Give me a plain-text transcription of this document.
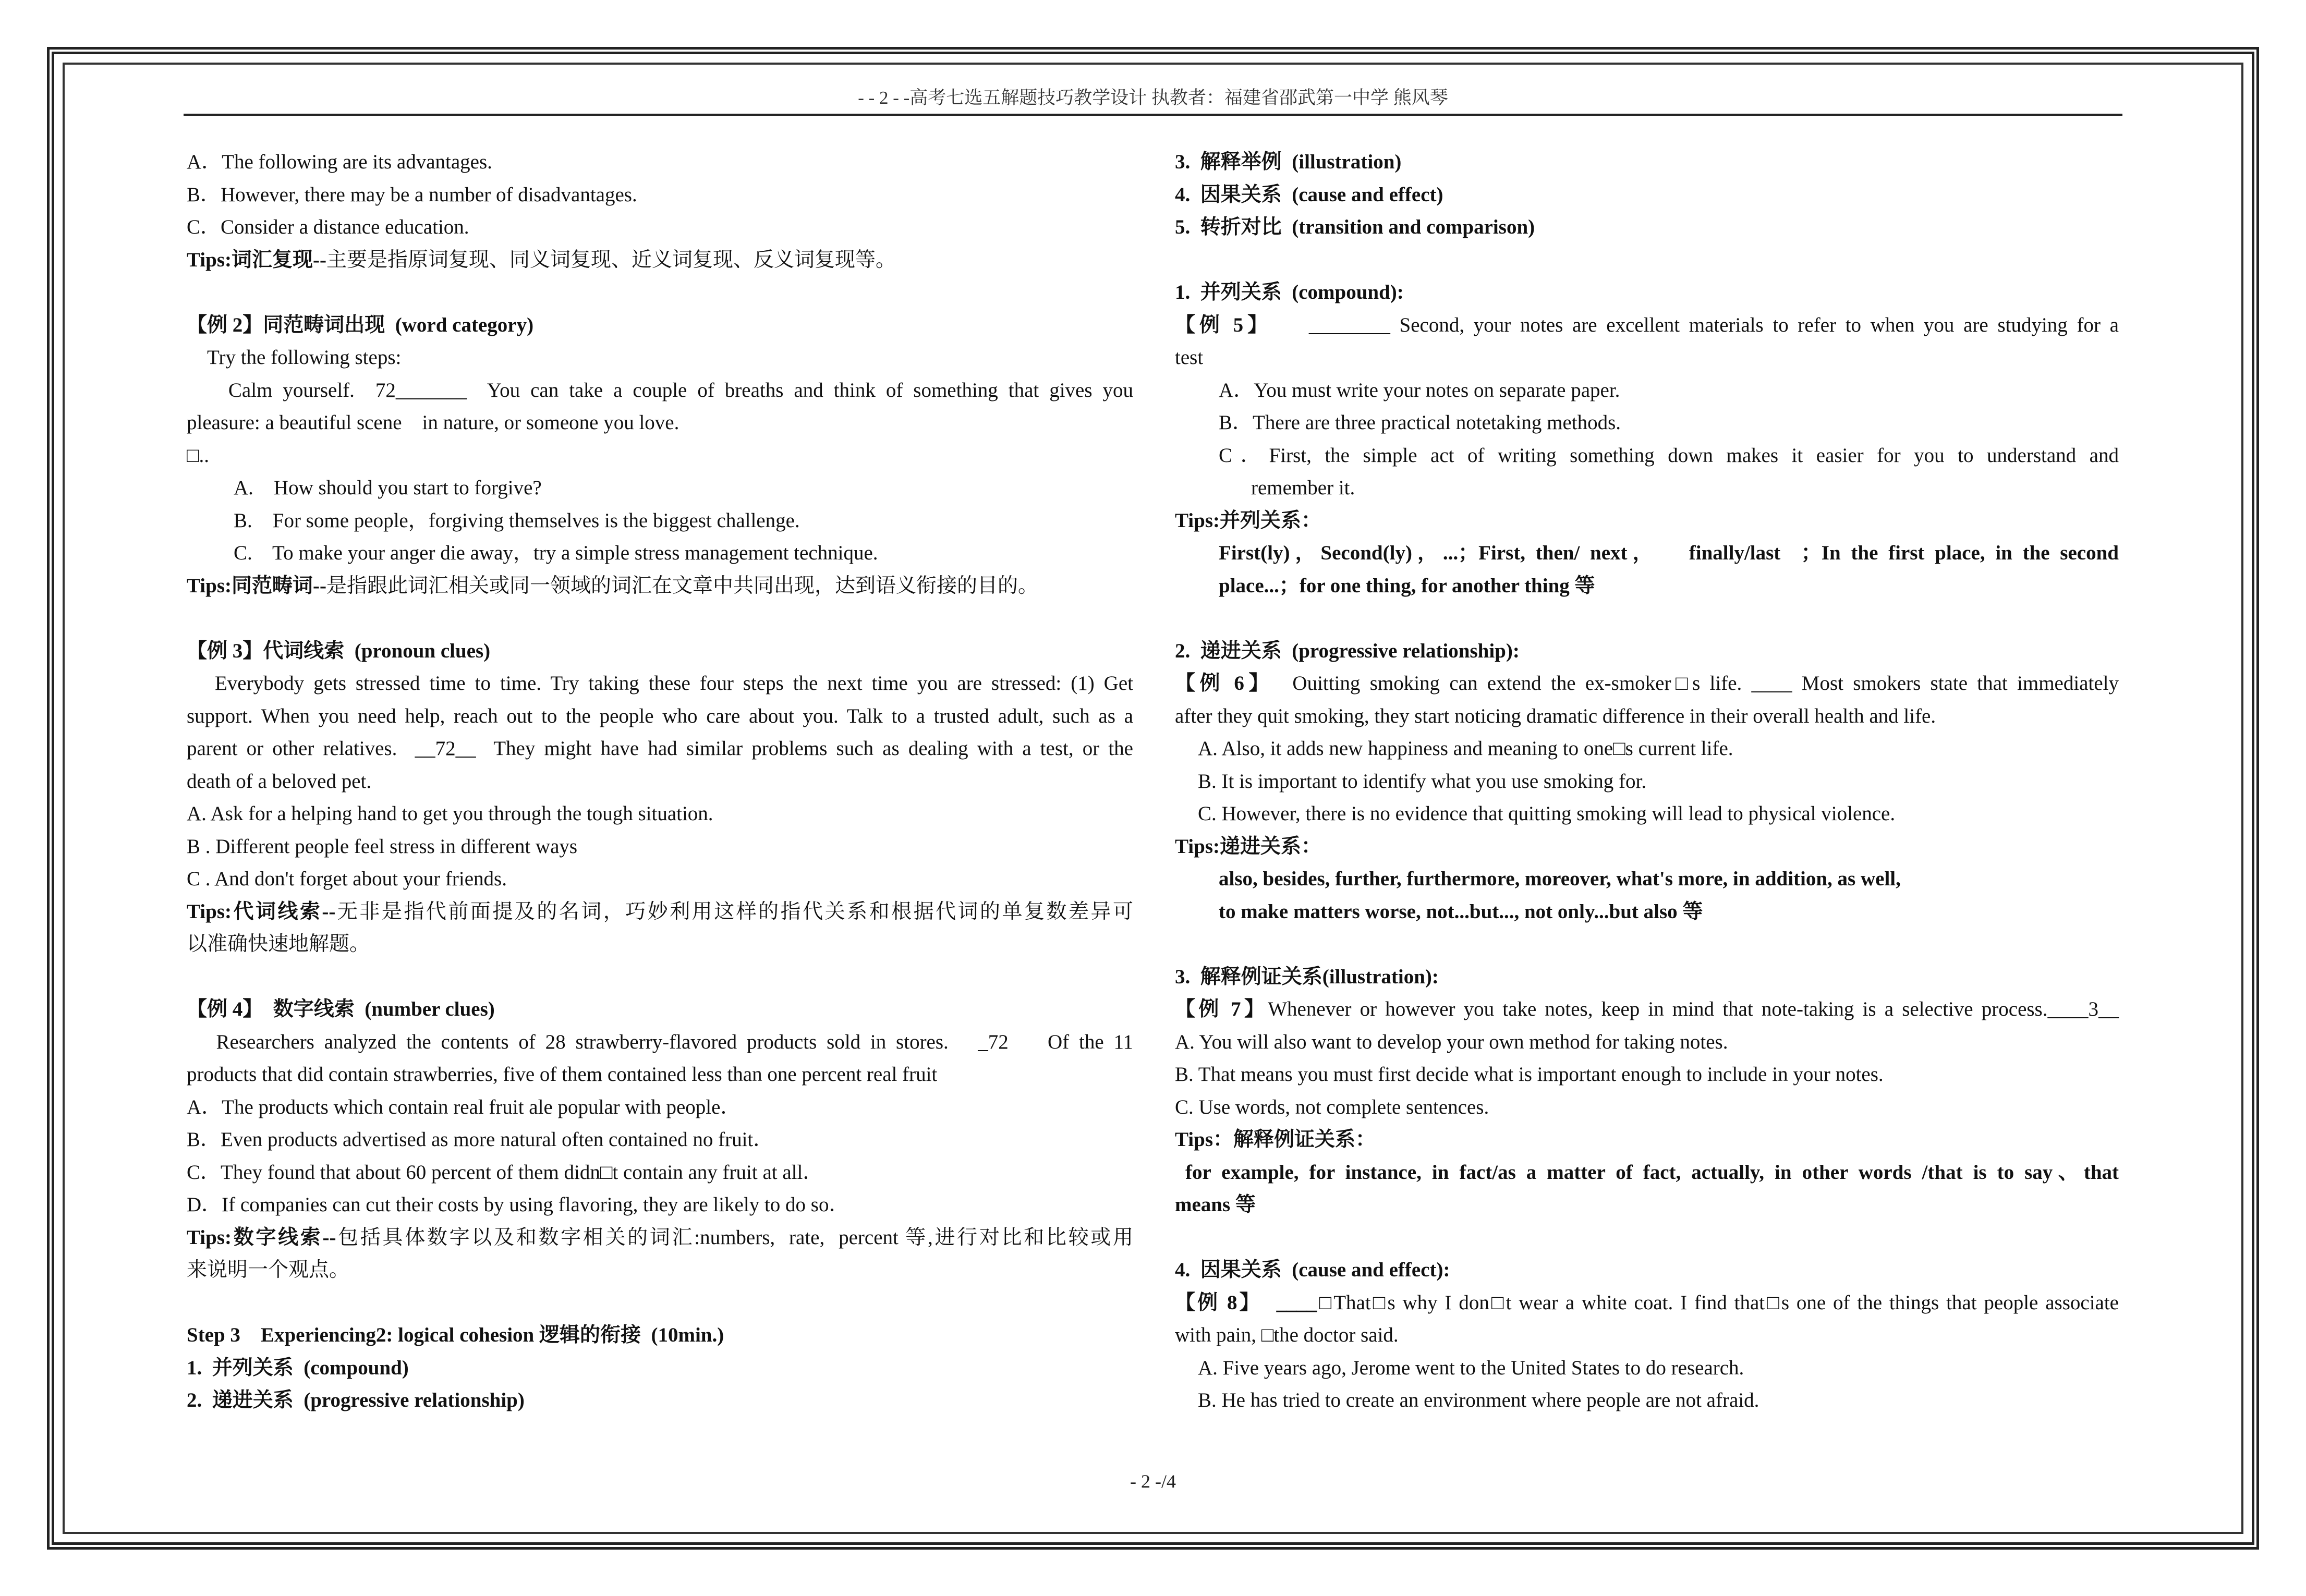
- - 2 - -高考七选五解题技巧教学设计 执教者：福建省邵武第一中学 熊风琴
A．The following are its advantages.
B．However, there may be a number of disadvantages.
C．Consider a distance education.
Tips:词汇复现--主要是指原词复现、同义词复现、近义词复现、反义词复现等。

【例 2】同范畴词出现  (word category)
Try the following steps:
Calm yourself.  72_______  You can take a couple of breaths and think of something that gives you
pleasure: a beautiful scene    in nature, or someone you love.
□..
A.    How should you start to forgive?
B.    For some people，forgiving themselves is the biggest challenge.
C.    To make your anger die away，try a simple stress management technique.
Tips:同范畴词--是指跟此词汇相关或同一领域的词汇在文章中共同出现，达到语义衔接的目的。

【例 3】代词线索  (pronoun clues)
Everybody gets stressed time to time. Try taking these four steps the next time you are stressed: (1) Get
support. When you need help, reach out to the people who care about you. Talk to a trusted adult, such as a
parent or other relatives.  __72__  They might have had similar problems such as dealing with a test, or the
death of a beloved pet.
A. Ask for a helping hand to get you through the tough situation.
B . Different people feel stress in different ways
C . And don't forget about your friends.
Tips:代词线索--无非是指代前面提及的名词，巧妙利用这样的指代关系和根据代词的单复数差异可
以准确快速地解题。

【例 4】  数字线索  (number clues)
Researchers analyzed the contents of 28 strawberry-flavored products sold in stores.   _72    Of the 11
products that did contain strawberries, five of them contained less than one percent real fruit
A．The products which contain real fruit ale popular with people．
B．Even products advertised as more natural often contained no fruit．
C．They found that about 60 percent of them didn□t contain any fruit at all．
D．If companies can cut their costs by using flavoring, they are likely to do so．
Tips:数字线索--包括具体数字以及和数字相关的词汇:numbers,  rate,  percent 等,进行对比和比较或用
来说明一个观点。

Step 3    Experiencing2: logical cohesion 逻辑的衔接  (10min.)
1.  并列关系  (compound)
2.  递进关系  (progressive relationship)
3.  解释举例  (illustration)
4.  因果关系  (cause and effect)
5.  转折对比  (transition and comparison)

1.  并列关系  (compound):
【例 5】    ________ Second, your notes are excellent materials to refer to when you are studying for a
test
A．You must write your notes on separate paper.
B．There are three practical notetaking methods.
C．First, the simple act of writing something down makes it easier for you to understand and
remember it.
Tips:并列关系：
First(ly)，Second(ly)，...；First, then/ next，   finally/last  ；In the first place, in the second
place...；for one thing, for another thing 等

2.  递进关系  (progressive relationship):
【例 6】  Ouitting smoking can extend the ex-smoker□s life. ____ Most smokers state that immediately
after they quit smoking, they start noticing dramatic difference in their overall health and life.
A. Also, it adds new happiness and meaning to one□s current life.
B. It is important to identify what you use smoking for.
C. However, there is no evidence that quitting smoking will lead to physical violence.
Tips:递进关系：
also, besides, further, furthermore, moreover, what's more, in addition, as well,
to make matters worse, not...but..., not only...but also 等

3.  解释例证关系(illustration):
【例 7】Whenever or however you take notes, keep in mind that note-taking is a selective process.____3__
A. You will also want to develop your own method for taking notes.
B. That means you must first decide what is important enough to include in your notes.
C. Use words, not complete sentences.
Tips：解释例证关系：
for example, for instance, in fact/as a matter of fact, actually, in other words /that is to say、that
means 等

4.  因果关系  (cause and effect):
【例 8】  ____□That□s why I don□t wear a white coat. I find that□s one of the things that people associate
with pain, □the doctor said.
A. Five years ago, Jerome went to the United States to do research.
B. He has tried to create an environment where people are not afraid.
- 2 -/4
